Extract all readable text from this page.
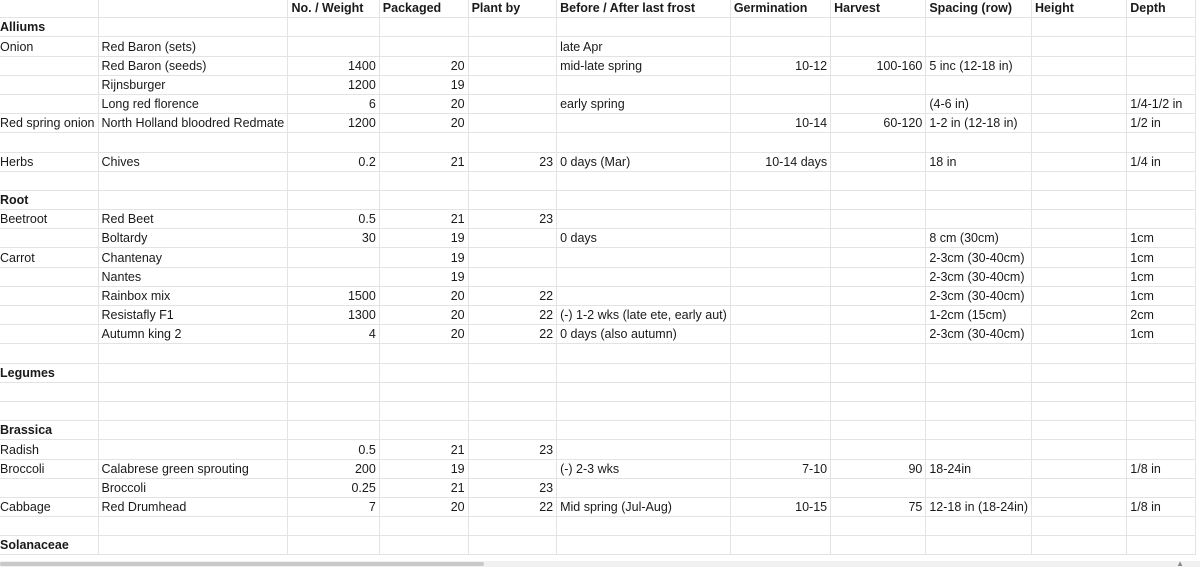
		No. / Weight	Packaged	Plant by	Before / After last frost	Germination	Harvest	Spacing (row)	Height	Depth
Alliums										
Onion	Red Baron (sets)				late Apr					
	Red Baron (seeds)	1400	20		mid-late spring	10-12	100-160	5 inc (12-18 in)		
	Rijnsburger	1200	19							
	Long red florence	6	20		early spring			(4-6 in)		1/4-1/2 in
Red spring onion	North Holland bloodred Redmate	1200	20			10-14	60-120	1-2 in (12-18 in)		1/2 in

Herbs	Chives	0.2	21	23	0 days (Mar)	10-14 days		18 in		1/4 in

Root										
Beetroot	Red Beet	0.5	21	23						
	Boltardy	30	19		0 days			8 cm (30cm)		1cm
Carrot	Chantenay		19					2-3cm (30-40cm)		1cm
	Nantes		19					2-3cm (30-40cm)		1cm
	Rainbox mix	1500	20	22				2-3cm (30-40cm)		1cm
	Resistafly F1	1300	20	22	(-) 1-2 wks (late ete, early aut)			1-2cm (15cm)		2cm
	Autumn king 2	4	20	22	0 days (also autumn)			2-3cm (30-40cm)		1cm

Legumes										

Brassica										
Radish		0.5	21	23						
Broccoli	Calabrese green sprouting	200	19		(-) 2-3 wks	7-10	90	18-24in		1/8 in
	Broccoli	0.25	21	23						
Cabbage	Red Drumhead	7	20	22	Mid spring (Jul-Aug)	10-15	75	12-18 in (18-24in)		1/8 in

Solanaceae										
▲
